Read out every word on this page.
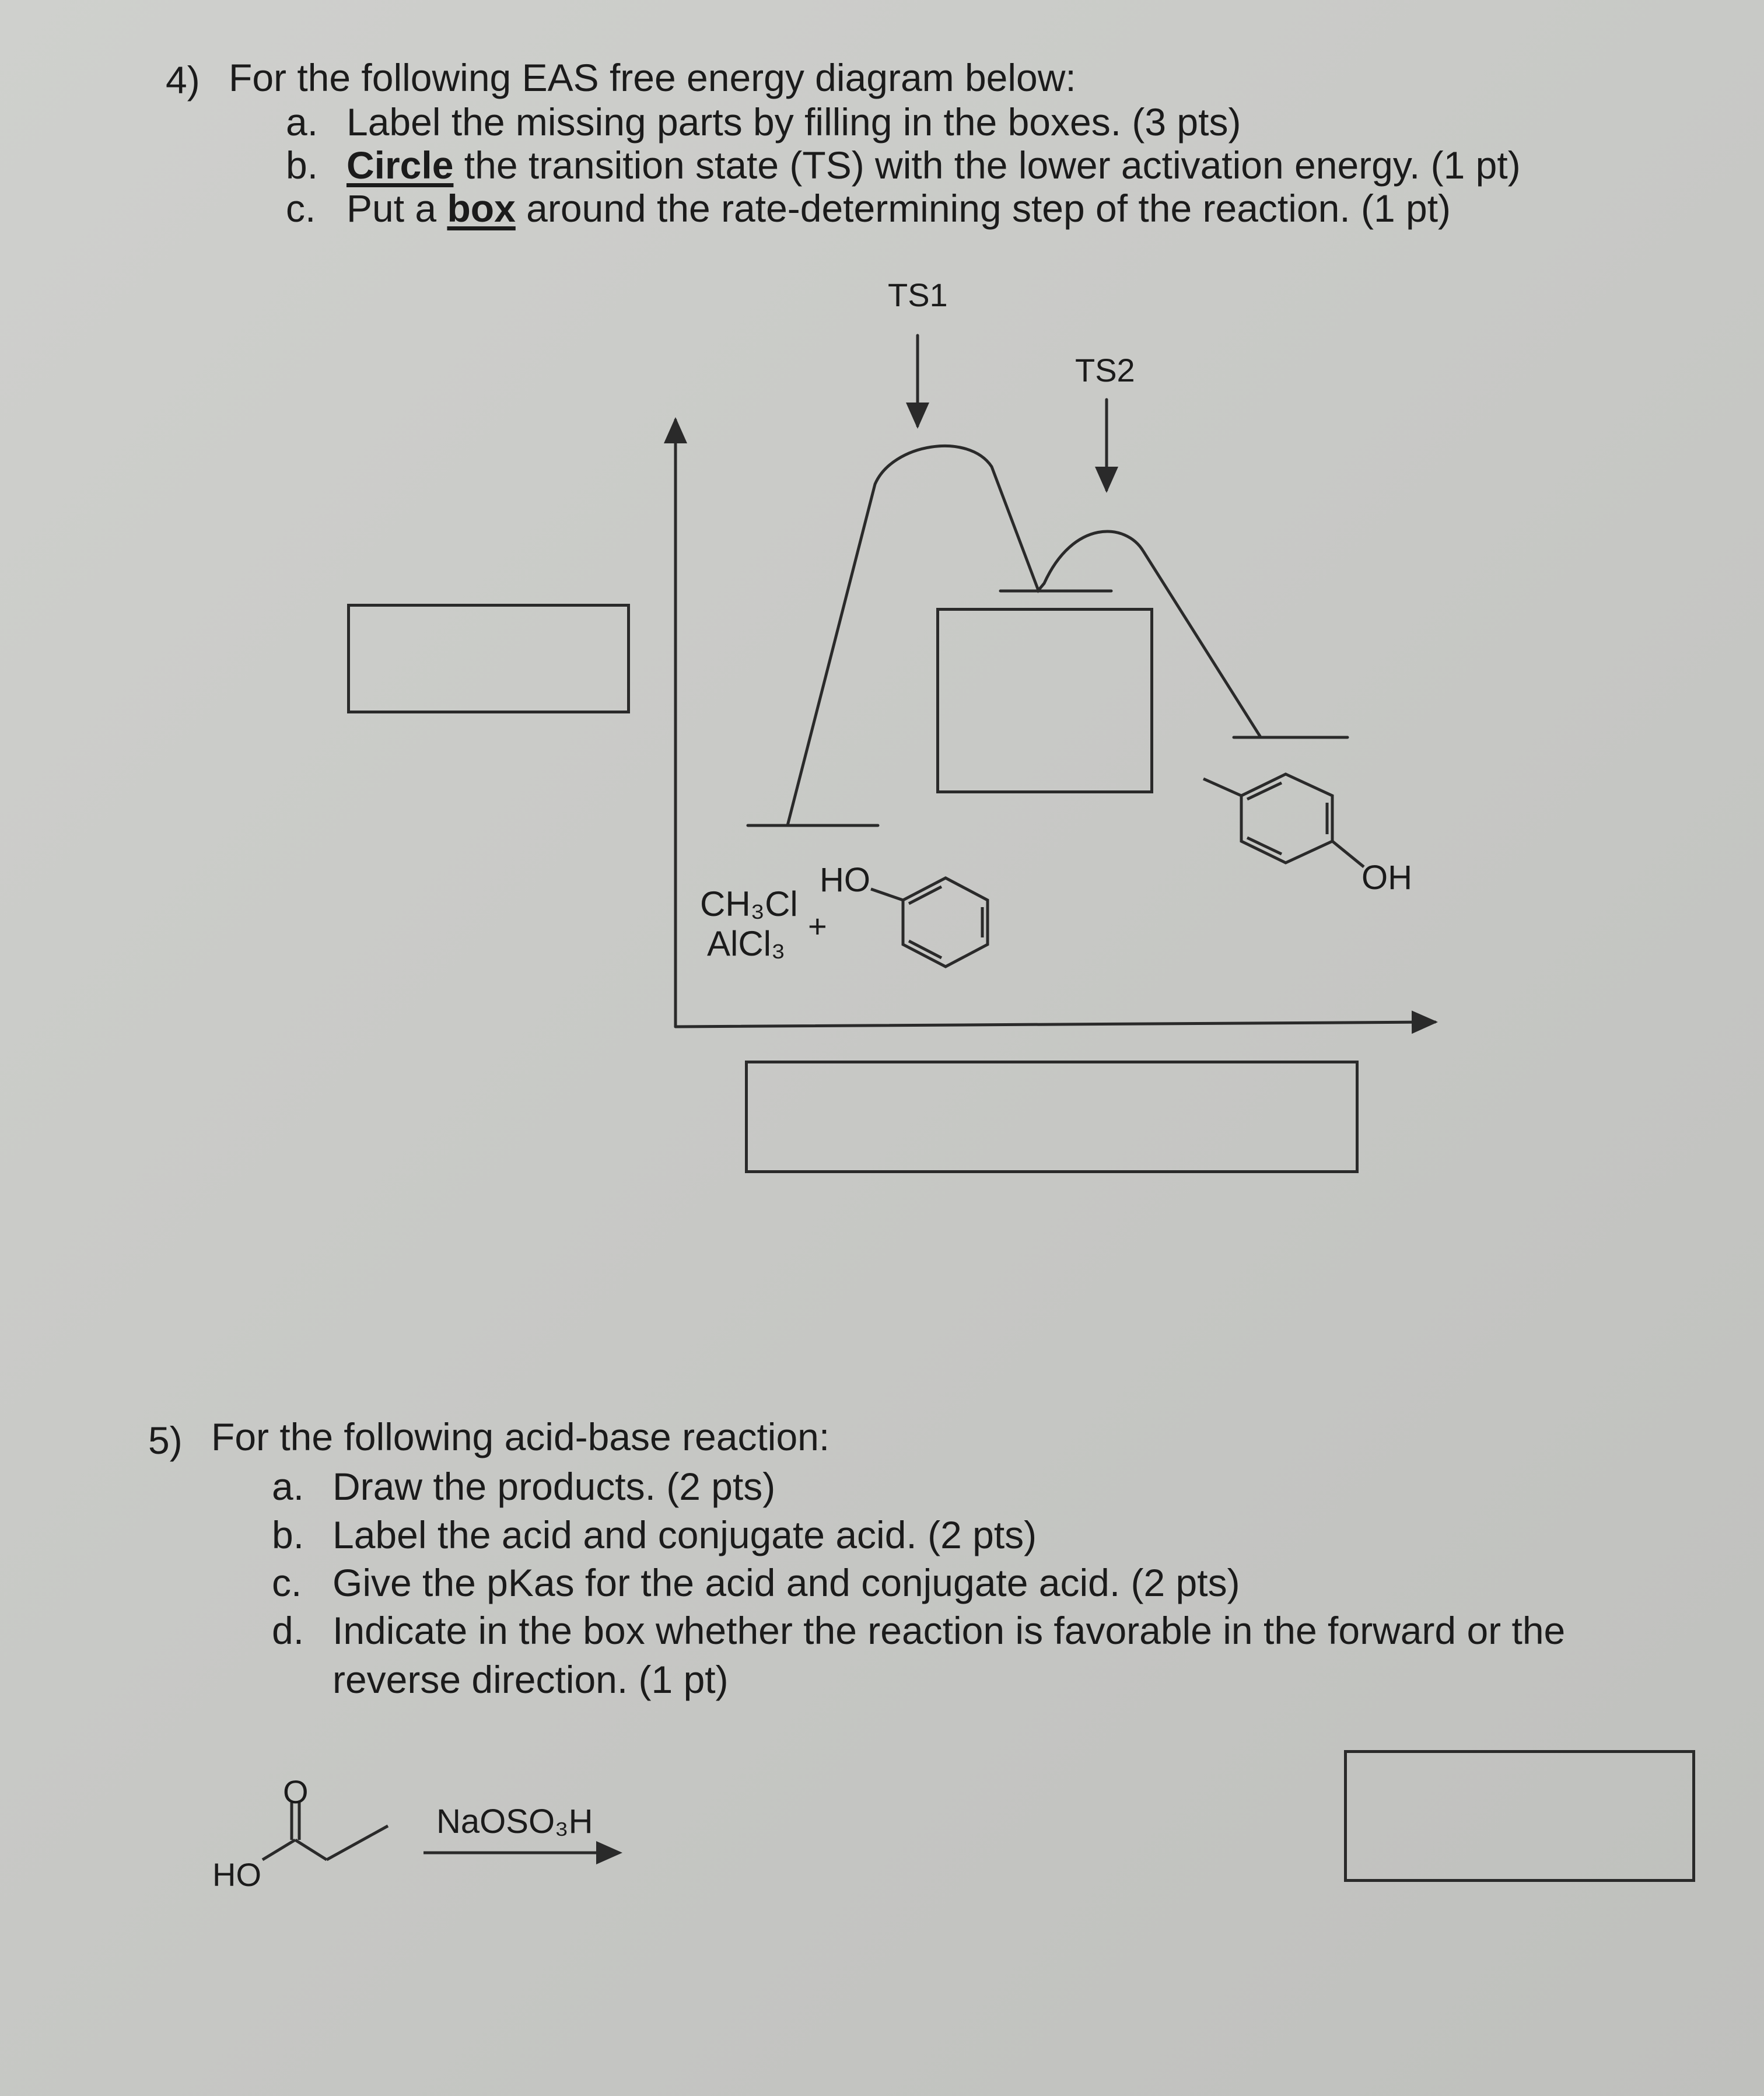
4) For the following EAS free energy diagram below:
a. Label the missing parts by filling in the boxes. (3 pts)
b. Circle the transition state (TS) with the lower activation energy. (1 pt)
c. Put a box around the rate-determining step of the reaction. (1 pt)
TS1
TS2
CH₃Cl
AlCl₃ +
HO	OH
5) For the following acid-base reaction:
a. Draw the products. (2 pts)
b. Label the acid and conjugate acid. (2 pts)
c. Give the pKas for the acid and conjugate acid. (2 pts)
d. Indicate in the box whether the reaction is favorable in the forward or the
reverse direction. (1 pt)
HO
O
NaOSO₃H
